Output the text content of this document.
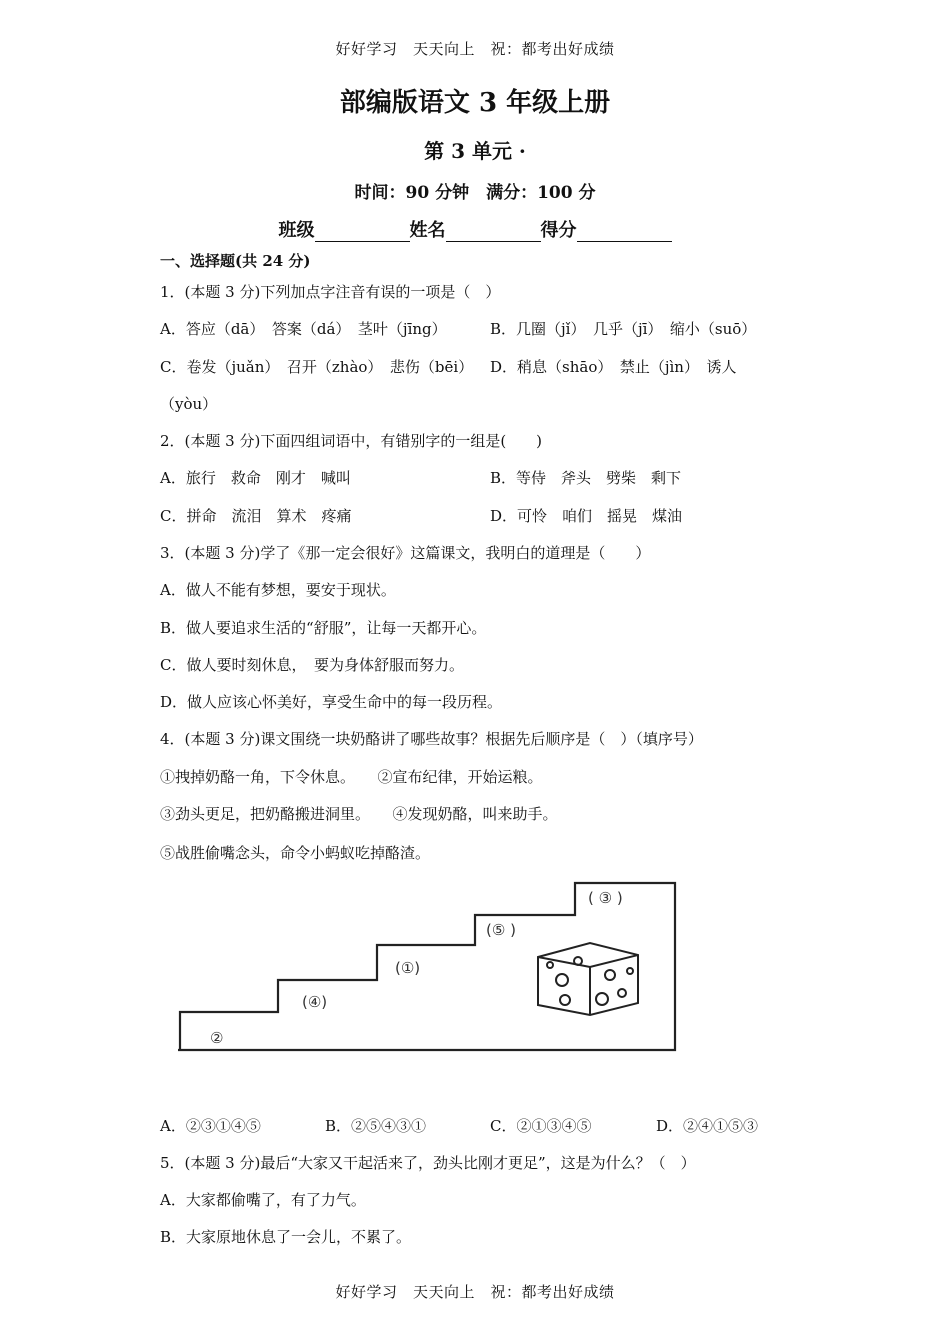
好好学习　天天向上　祝：都考出好成绩
部编版语文 3 年级上册
第 3 单元 ·
时间：90 分钟　满分：100 分
班级	姓名	得分
一、选择题(共 24 分)
1．(本题 3 分)下列加点字注音有误的一项是（　）
A．答应（dā）　答案（dá）　茎叶（jīng）	B．几圈（jǐ）　几乎（jī）　缩小（suō）
C．卷发（juǎn）　召开（zhào）　悲伤（bēi） D．稍息（shāo）　禁止（jìn）　诱人
（yòu）
2．(本题 3 分)下面四组词语中，有错别字的一组是(　　)
A．旅行　救命　刚才　喊叫	B．等侍　斧头　劈柴　剩下
C．拼命　流泪　算术　疼痛	D．可怜　咱们　摇晃　煤油
3．(本题 3 分)学了《那一定会很好》这篇课文，我明白的道理是（　　）
A．做人不能有梦想，要安于现状。
B．做人要追求生活的“舒服”，让每一天都开心。
C．做人要时刻休息，　要为身体舒服而努力。
D．做人应该心怀美好，享受生命中的每一段历程。
4．(本题 3 分)课文围绕一块奶酪讲了哪些故事？根据先后顺序是（　）（填序号）
①拽掉奶酪一角，下令休息。　　②宣布纪律，开始运粮。
③劲头更足，把奶酪搬进洞里。　　④发现奶酪，叫来助手。
⑤战胜偷嘴念头，命令小蚂蚁吃掉酪渣。
②
(④)
(①)
(⑤ )
( ③ )
A．②③①④⑤	B．②⑤④③①	C．②①③④⑤	D．②④①⑤③
5．(本题 3 分)最后“大家又干起活来了，劲头比刚才更足”，这是为什么？（　）
A．大家都偷嘴了，有了力气。
B．大家原地休息了一会儿，不累了。
好好学习　天天向上　祝：都考出好成绩
